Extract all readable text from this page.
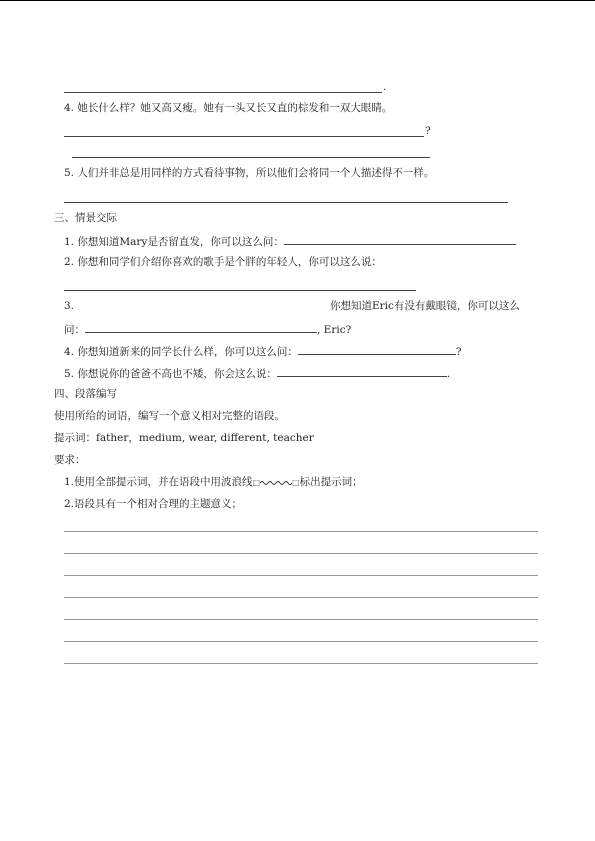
.
4. 她长什么样？她又高又瘦。她有一头又长又直的棕发和一双大眼睛。
?
5. 人们并非总是用同样的方式看待事物，所以他们会将同一个人描述得不一样。
三、情景交际
1. 你想知道Mary是否留直发，你可以这么问：
2. 你想和同学们介绍你喜欢的歌手是个胖的年轻人，你可以这么说：
3.	你想知道Eric有没有戴眼镜，你可以这么
问：	, Eric?
4. 你想知道新来的同学长什么样，你可以这么问：	?
5. 你想说你的爸爸不高也不矮，你会这么说：	.
四、段落编写
使用所给的词语，编写一个意义相对完整的语段。
提示词：father，medium, wear, different, teacher
要求：
1.使用全部提示词，并在语段中用波浪线□	□标出提示词；
2.语段具有一个相对合理的主题意义；
